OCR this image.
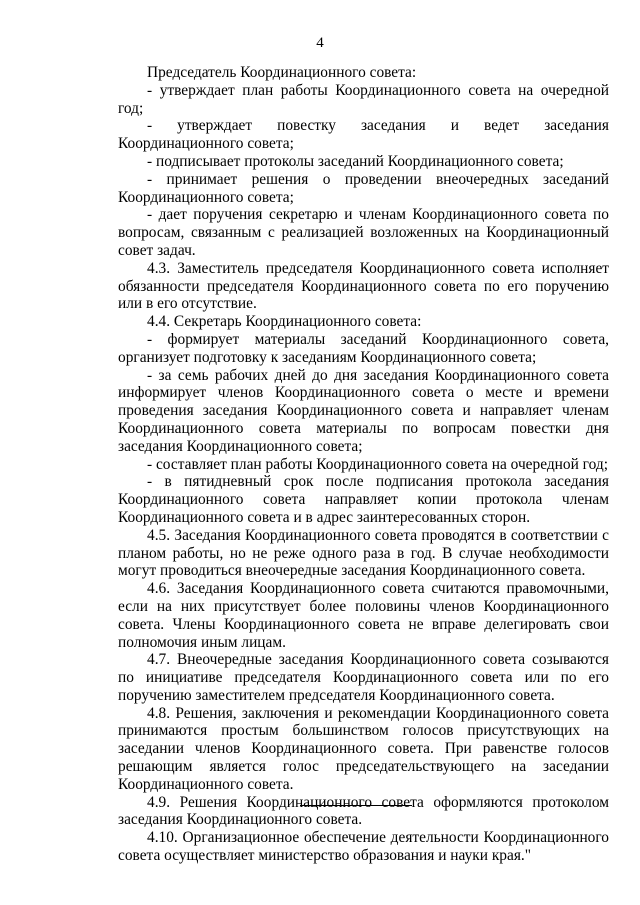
4

Председатель Координационного совета:

- утверждает план работы Координационного совета на очередной год;

- утверждает повестку заседания и ведет заседания Координационного совета;

- подписывает протоколы заседаний Координационного совета;

- принимает решения о проведении внеочередных заседаний Координационного совета;

- дает поручения секретарю и членам Координационного совета по вопросам, связанным с реализацией возложенных на Координационный совет задач.

4.3. Заместитель председателя Координационного совета исполняет обязанности председателя Координационного совета по его поручению или в его отсутствие.

4.4. Секретарь Координационного совета:

- формирует материалы заседаний Координационного совета, организует подготовку к заседаниям Координационного совета;

- за семь рабочих дней до дня заседания Координационного совета информирует членов Координационного совета о месте и времени проведения заседания Координационного совета и направляет членам Координационного совета материалы по вопросам повестки дня заседания Координационного совета;

- составляет план работы Координационного совета на очередной год;

- в пятидневный срок после подписания протокола заседания Координационного совета направляет копии протокола членам Координационного совета и в адрес заинтересованных сторон.

4.5. Заседания Координационного совета проводятся в соответствии с планом работы, но не реже одного раза в год. В случае необходимости могут проводиться внеочередные заседания Координационного совета.

4.6. Заседания Координационного совета считаются правомочными, если на них присутствует более половины членов Координационного совета. Члены Координационного совета не вправе делегировать свои полномочия иным лицам.

4.7. Внеочередные заседания Координационного совета созываются по инициативе председателя Координационного совета или по его поручению заместителем председателя Координационного совета.

4.8. Решения, заключения и рекомендации Координационного совета принимаются простым большинством голосов присутствующих на заседании членов Координационного совета. При равенстве голосов решающим является голос председательствующего на заседании Координационного совета.

4.9. Решения Координационного совета оформляются протоколом заседания Координационного совета.

4.10. Организационное обеспечение деятельности Координационного совета осуществляет министерство образования и науки края."
